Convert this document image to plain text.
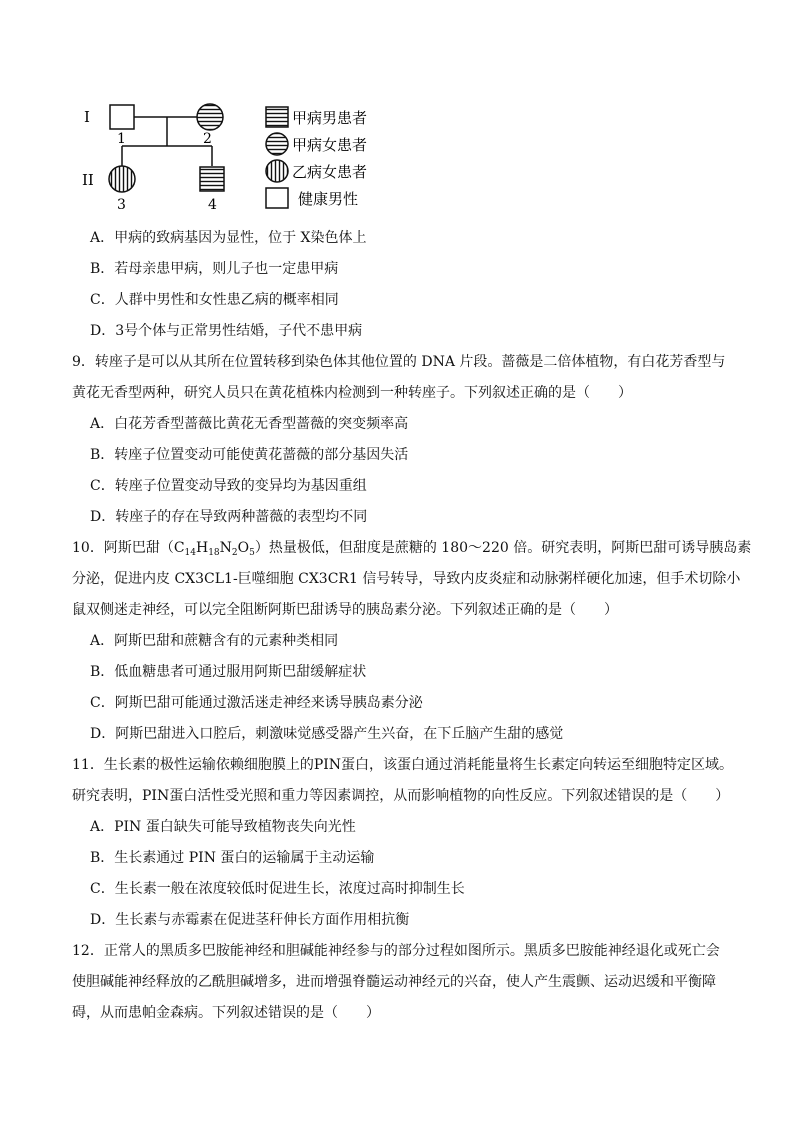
I
II
1	2
3	4
甲病男患者
甲病女患者
乙病女患者
健康男性
A．甲病的致病基因为显性，位于 X染色体上
B．若母亲患甲病，则儿子也一定患甲病
C．人群中男性和女性患乙病的概率相同
D．3号个体与正常男性结婚，子代不患甲病
9．转座子是可以从其所在位置转移到染色体其他位置的 DNA 片段。蔷薇是二倍体植物，有白花芳香型与
黄花无香型两种，研究人员只在黄花植株内检测到一种转座子。下列叙述正确的是（　　）
A．白花芳香型蔷薇比黄花无香型蔷薇的突变频率高
B．转座子位置变动可能使黄花蔷薇的部分基因失活
C．转座子位置变动导致的变异均为基因重组
D．转座子的存在导致两种蔷薇的表型均不同
10．阿斯巴甜$(C_{14}H_{18}N_2O_5)$热量极低，但甜度是蔗糖的 180～220 倍。研究表明，阿斯巴甜可诱导胰岛素
分泌，促进内皮 CX3CL1-巨噬细胞 CX3CR1 信号转导，导致内皮炎症和动脉粥样硬化加速，但手术切除小
鼠双侧迷走神经，可以完全阻断阿斯巴甜诱导的胰岛素分泌。下列叙述正确的是（　　）
A．阿斯巴甜和蔗糖含有的元素种类相同
B．低血糖患者可通过服用阿斯巴甜缓解症状
C．阿斯巴甜可能通过激活迷走神经来诱导胰岛素分泌
D．阿斯巴甜进入口腔后，刺激味觉感受器产生兴奋，在下丘脑产生甜的感觉
11．生长素的极性运输依赖细胞膜上的PIN蛋白，该蛋白通过消耗能量将生长素定向转运至细胞特定区域。
研究表明，PIN蛋白活性受光照和重力等因素调控，从而影响植物的向性反应。下列叙述错误的是（　　）
A．PIN 蛋白缺失可能导致植物丧失向光性
B．生长素通过 PIN 蛋白的运输属于主动运输
C．生长素一般在浓度较低时促进生长，浓度过高时抑制生长
D．生长素与赤霉素在促进茎秆伸长方面作用相抗衡
12．正常人的黑质多巴胺能神经和胆碱能神经参与的部分过程如图所示。黑质多巴胺能神经退化或死亡会
使胆碱能神经释放的乙酰胆碱增多，进而增强脊髓运动神经元的兴奋，使人产生震颤、运动迟缓和平衡障
碍，从而患帕金森病。下列叙述错误的是（　　）
